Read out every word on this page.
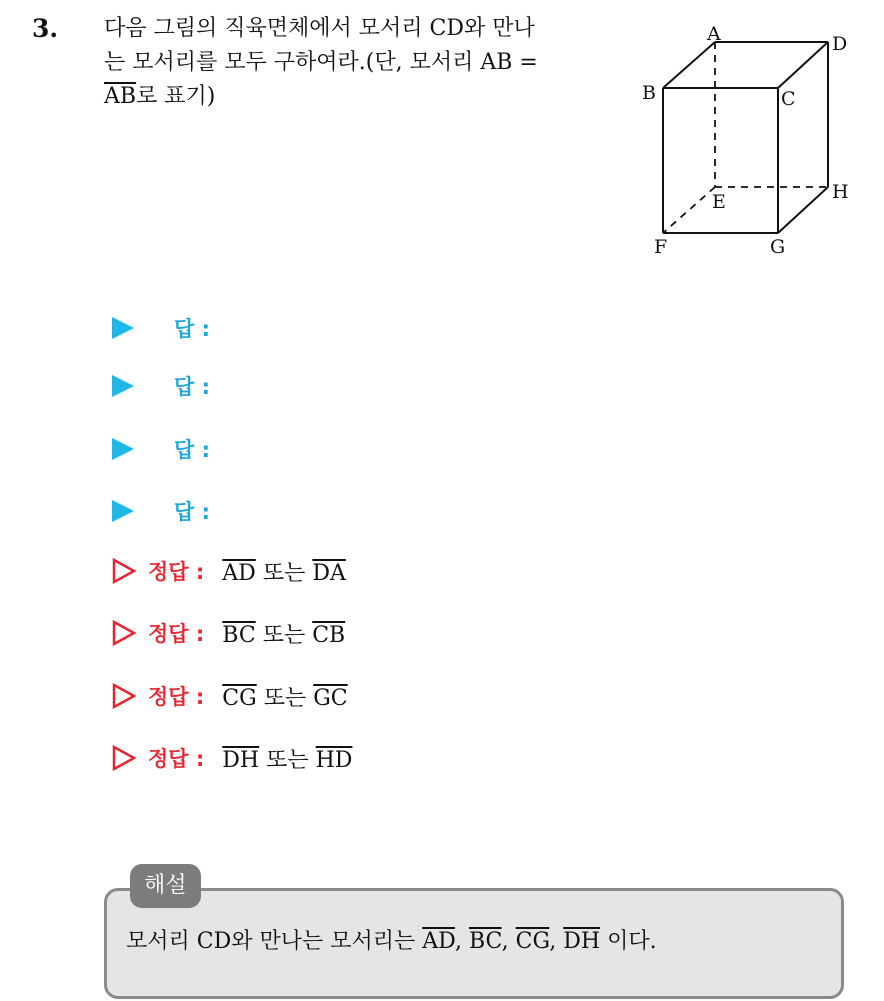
3. 다음 그림의 직육면체에서 모서리 CD와 만나
는 모서리를 모두 구하여라.(단, 모서리 AB =
$\overline{AB}$로 표기)
A	D
B	C
H
E
F	G
답 :
답 :
답 :
답 :
정답 : $\overline{AD}$ 또는 $\overline{DA}$
정답 : $\overline{BC}$ 또는 $\overline{CB}$
정답 : $\overline{CG}$ 또는 $\overline{GC}$
정답 : $\overline{DH}$ 또는 $\overline{HD}$
해설
모서리 CD와 만나는 모서리는 $\overline{AD}$, $\overline{BC}$, $\overline{CG}$, $\overline{DH}$ 이다.
